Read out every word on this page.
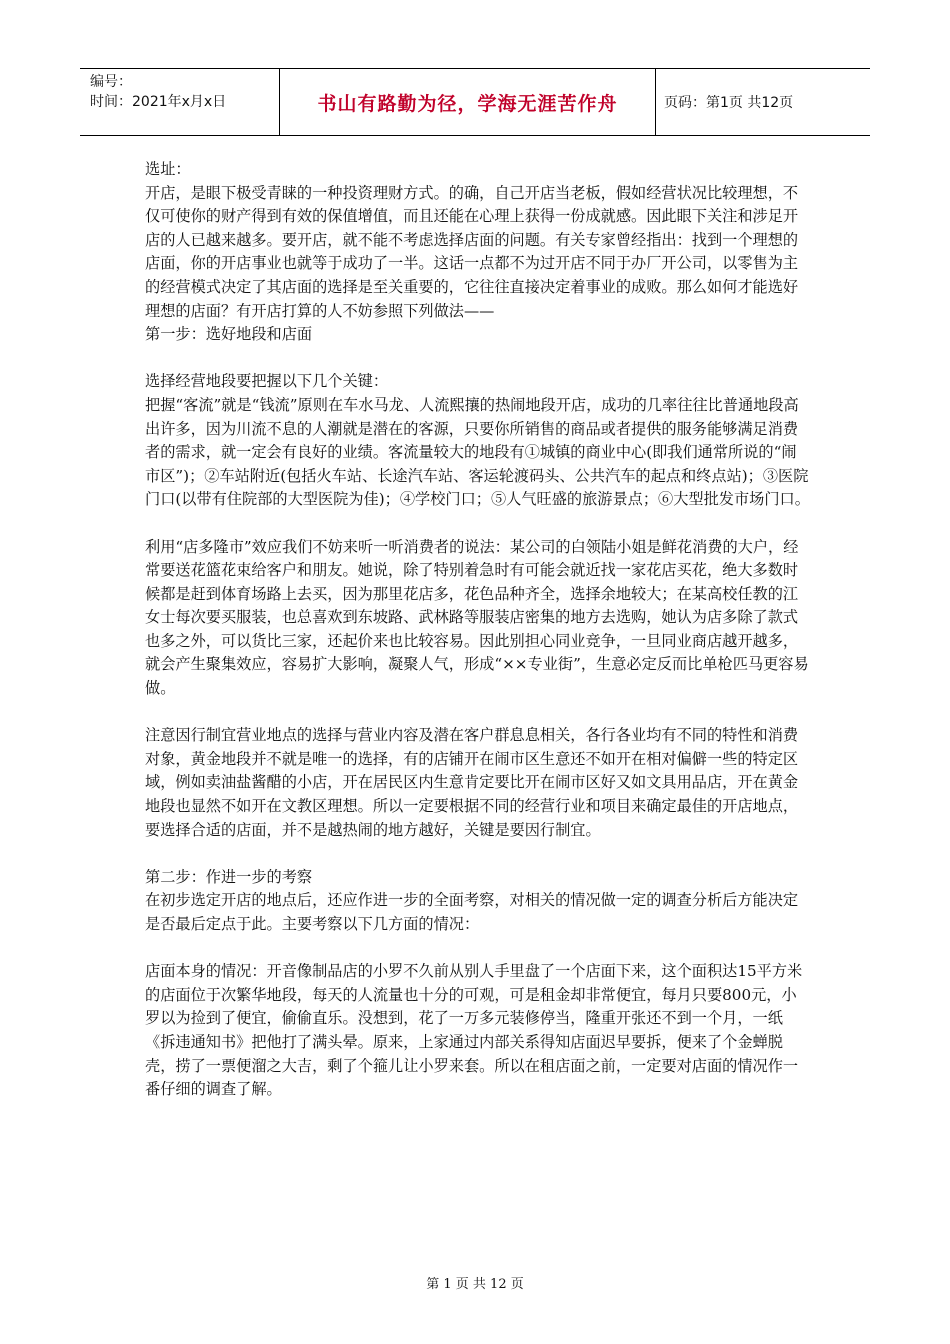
编号：
时间：2021年x月x日	书山有路勤为径，学海无涯苦作舟	页码：第1页 共12页

选址：

开店，是眼下极受青睐的一种投资理财方式。的确，自己开店当老板，假如经营状况比较理想，不仅可使你的财产得到有效的保值增值，而且还能在心理上获得一份成就感。因此眼下关注和涉足开店的人已越来越多。要开店，就不能不考虑选择店面的问题。有关专家曾经指出：找到一个理想的店面，你的开店事业也就等于成功了一半。这话一点都不为过开店不同于办厂开公司，以零售为主的经营模式决定了其店面的选择是至关重要的，它往往直接决定着事业的成败。那么如何才能选好理想的店面？有开店打算的人不妨参照下列做法——

第一步：选好地段和店面

选择经营地段要把握以下几个关键：

把握“客流”就是“钱流”原则在车水马龙、人流熙攘的热闹地段开店，成功的几率往往比普通地段高出许多，因为川流不息的人潮就是潜在的客源，只要你所销售的商品或者提供的服务能够满足消费者的需求，就一定会有良好的业绩。客流量较大的地段有①城镇的商业中心(即我们通常所说的“闹市区”)；②车站附近(包括火车站、长途汽车站、客运轮渡码头、公共汽车的起点和终点站)；③医院门口(以带有住院部的大型医院为佳)；④学校门口；⑤人气旺盛的旅游景点；⑥大型批发市场门口。

利用“店多隆市”效应我们不妨来听一听消费者的说法：某公司的白领陆小姐是鲜花消费的大户，经常要送花篮花束给客户和朋友。她说，除了特别着急时有可能会就近找一家花店买花，绝大多数时候都是赶到体育场路上去买，因为那里花店多，花色品种齐全，选择余地较大；在某高校任教的江女士每次要买服装，也总喜欢到东坡路、武林路等服装店密集的地方去选购，她认为店多除了款式也多之外，可以货比三家，还起价来也比较容易。因此别担心同业竞争，一旦同业商店越开越多，就会产生聚集效应，容易扩大影响，凝聚人气，形成“××专业街”，生意必定反而比单枪匹马更容易做。

注意因行制宜营业地点的选择与营业内容及潜在客户群息息相关，各行各业均有不同的特性和消费对象，黄金地段并不就是唯一的选择，有的店铺开在闹市区生意还不如开在相对偏僻一些的特定区域，例如卖油盐酱醋的小店，开在居民区内生意肯定要比开在闹市区好又如文具用品店，开在黄金地段也显然不如开在文教区理想。所以一定要根据不同的经营行业和项目来确定最佳的开店地点，要选择合适的店面，并不是越热闹的地方越好，关键是要因行制宜。

第二步：作进一步的考察

在初步选定开店的地点后，还应作进一步的全面考察，对相关的情况做一定的调查分析后方能决定是否最后定点于此。主要考察以下几方面的情况：

店面本身的情况：开音像制品店的小罗不久前从别人手里盘了一个店面下来，这个面积达15平方米的店面位于次繁华地段，每天的人流量也十分的可观，可是租金却非常便宜，每月只要800元，小罗以为捡到了便宜，偷偷直乐。没想到，花了一万多元装修停当，隆重开张还不到一个月，一纸《拆违通知书》把他打了满头晕。原来，上家通过内部关系得知店面迟早要拆，便来了个金蝉脱壳，捞了一票便溜之大吉，剩了个箍儿让小罗来套。所以在租店面之前，一定要对店面的情况作一番仔细的调查了解。

第 1 页 共 12 页
